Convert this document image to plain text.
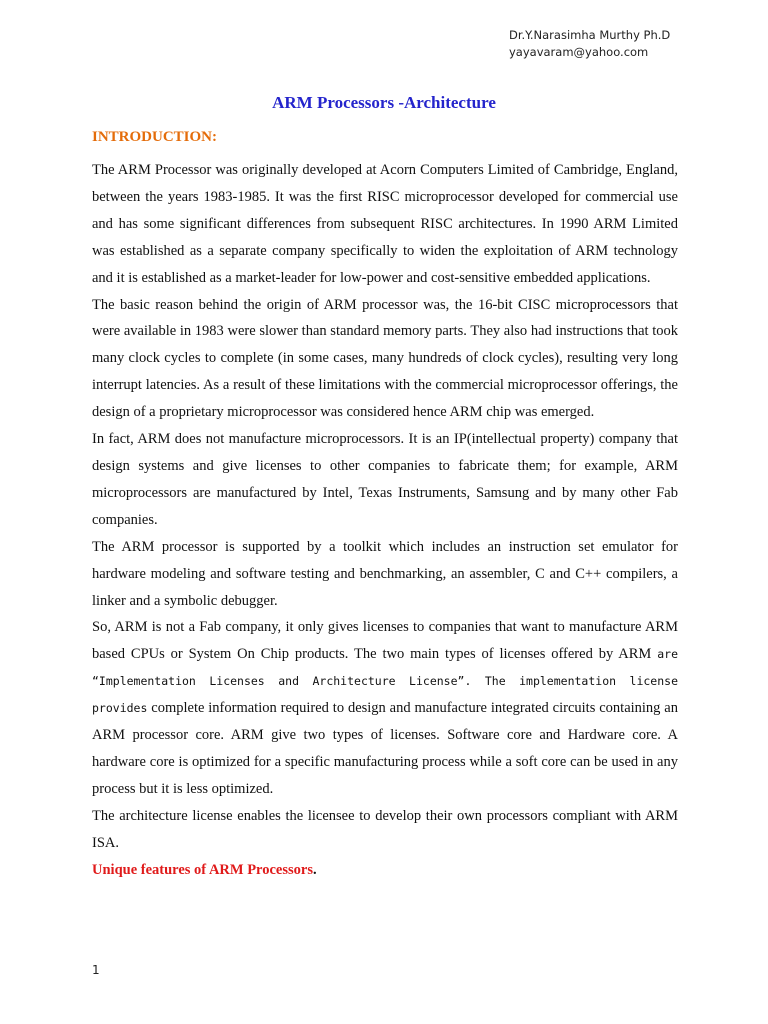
Dr.Y.Narasimha Murthy Ph.D
yayavaram@yahoo.com
ARM Processors -Architecture
INTRODUCTION:

The ARM Processor was originally developed at Acorn Computers Limited of Cambridge, England, between the years 1983-1985. It was the first RISC microprocessor developed for commercial use and has some significant differences from subsequent RISC architectures. In 1990 ARM Limited was established as a separate company specifically to widen the exploitation of ARM technology and it is established as a market-leader for low-power and cost-sensitive embedded applications.

The basic reason behind the origin of ARM processor was, the 16-bit CISC microprocessors that were available in 1983 were slower than standard memory parts. They also had instructions that took many clock cycles to complete (in some cases, many hundreds of clock cycles), resulting very long interrupt latencies. As a result of these limitations with the commercial microprocessor offerings, the design of a proprietary microprocessor was considered hence ARM chip was emerged.

In fact, ARM does not manufacture microprocessors. It is an IP(intellectual property) company that design systems and give licenses to other companies to fabricate them; for example, ARM microprocessors are manufactured by Intel, Texas Instruments, Samsung and by many other Fab companies.

The ARM processor is supported by a toolkit which includes an instruction set emulator for hardware modeling and software testing and benchmarking, an assembler, C and C++ compilers, a linker and a symbolic debugger.

So, ARM is not a Fab company, it only gives licenses to companies that want to manufacture ARM based CPUs or System On Chip products. The two main types of licenses offered by ARM are “Implementation Licenses and Architecture License”. The implementation license provides complete information required to design and manufacture integrated circuits containing an ARM processor core. ARM give two types of licenses. Software core and Hardware core. A hardware core is optimized for a specific manufacturing process while a soft core can be used in any process but it is less optimized.

The architecture license enables the licensee to develop their own processors compliant with ARM ISA.

Unique features of ARM Processors.

1
